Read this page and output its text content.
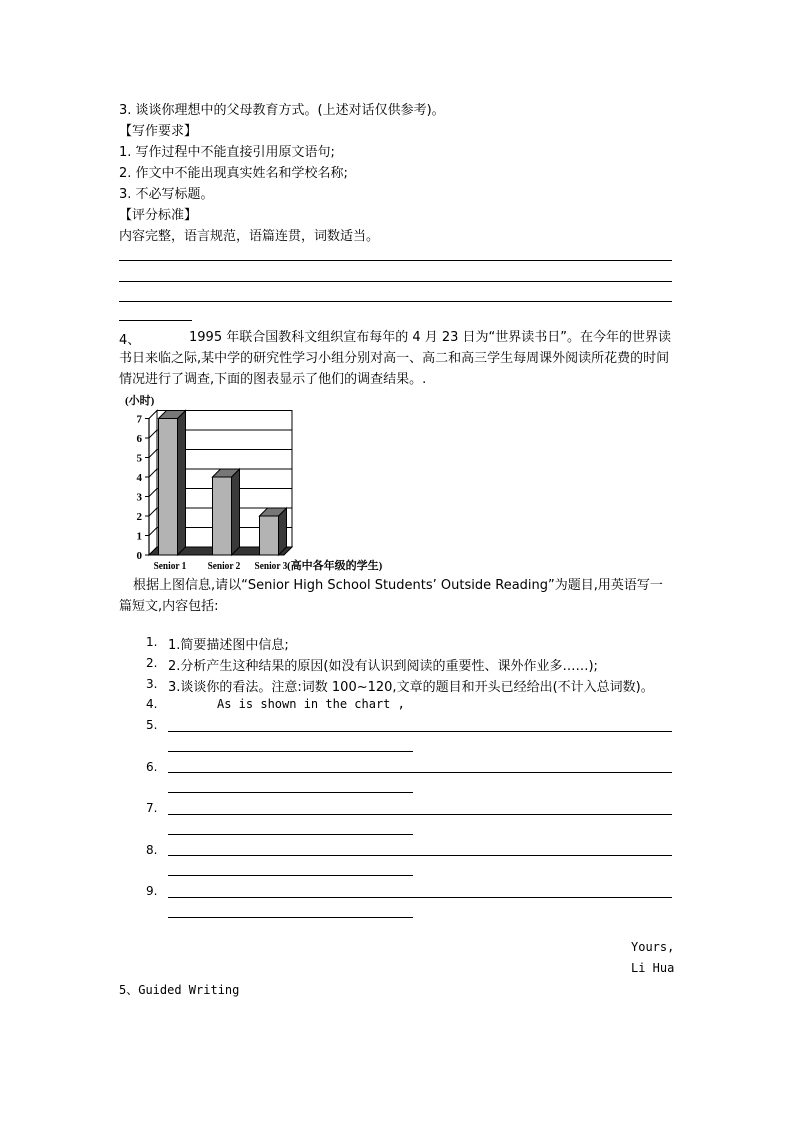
3. 谈谈你理想中的父母教育方式。(上述对话仅供参考)。
【写作要求】
1. 写作过程中不能直接引用原文语句;
2. 作文中不能出现真实姓名和学校名称;
3. 不必写标题。
【评分标准】
内容完整，语言规范，语篇连贯，词数适当。
4、	1995 年联合国教科文组织宣布每年的 4 月 23 日为“世界读书日”。在今年的世界读书日来临之际,某中学的研究性学习小组分别对高一、高二和高三学生每周课外阅读所花费的时间情况进行了调查,下面的图表显示了他们的调查结果。.
0
1
2
3
4
5
6
7
(小时)
Senior 1 Senior 2 Senior 3 (高中各年级的学生)
根据上图信息,请以“Senior High School Students’ Outside Reading”为题目,用英语写一篇短文,内容包括:
1. 1.简要描述图中信息;
2. 2.分析产生这种结果的原因(如没有认识到阅读的重要性、课外作业多……);
3. 3.谈谈你的看法。注意:词数 100~120,文章的题目和开头已经给出(不计入总词数)。
4.	As is shown in the chart ,
5.
6.
7.
8.
9.
Yours,
Li Hua
5、Guided Writing
